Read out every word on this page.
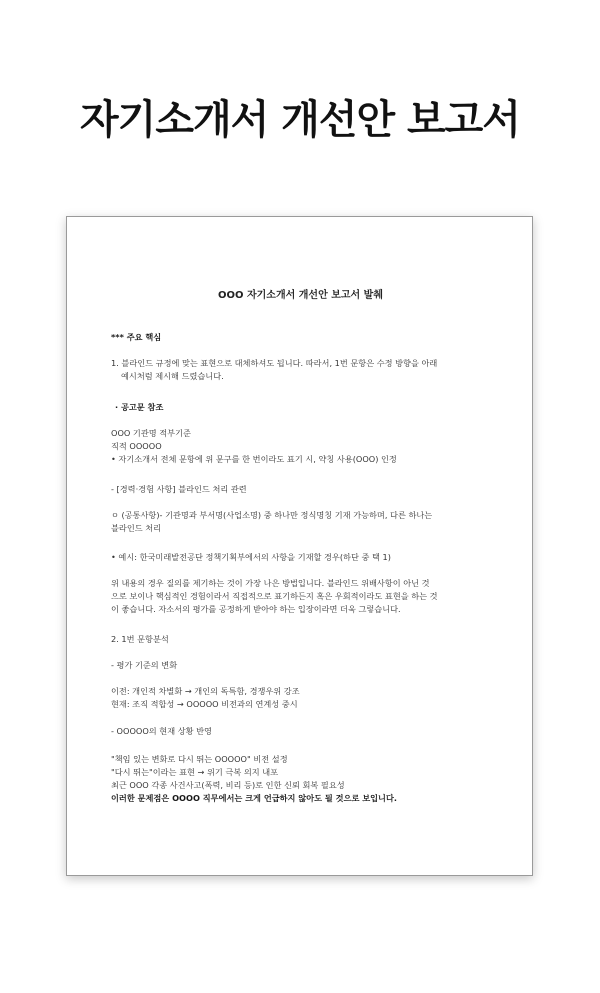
자기소개서 개선안 보고서
OOO 자기소개서 개선안 보고서 발췌
*** 주요 핵심
1. 블라인드 규정에 맞는 표현으로 대체하셔도 됩니다. 따라서, 1번 문항은 수정 방향을 아래
예시처럼 제시해 드렸습니다.
· 공고문 참조
OOO 기관명 적부기준
직적 OOOOO
• 자기소개서 전체 문항에 위 문구를 한 번이라도 표기 시, 약칭 사용(OOO) 인정
- [경력·경험 사항] 블라인드 처리 관련
ㅇ (공통사항)- 기관명과 부서명(사업소명) 중 하나만 정식명칭 기재 가능하며, 다른 하나는
블라인드 처리
• 예시: 한국미래발전공단 정책기획부에서의 사항을 기재할 경우(하단 중 택 1)
위 내용의 경우 질의를 제기하는 것이 가장 나은 방법입니다. 블라인드 위배사항이 아닌 것
으로 보이나 핵심적인 경험이라서 직접적으로 표기하든지 혹은 우회적이라도 표현을 하는 것
이 좋습니다. 자소서의 평가를 공정하게 받아야 하는 입장이라면 더욱 그렇습니다.
2. 1번 문항분석
- 평가 기준의 변화
이전: 개인적 차별화 → 개인의 독특함, 경쟁우위 강조
현재: 조직 적합성 → OOOOO 비전과의 연계성 중시
- OOOOO의 현재 상황 반영
"책임 있는 변화로 다시 뛰는 OOOOO" 비전 설정
"다시 뛰는"이라는 표현 → 위기 극복 의지 내포
최근 OOO 각종 사건사고(폭력, 비리 등)로 인한 신뢰 회복 필요성
이러한 문제점은 OOOO 직무에서는 크게 언급하지 않아도 될 것으로 보입니다.
